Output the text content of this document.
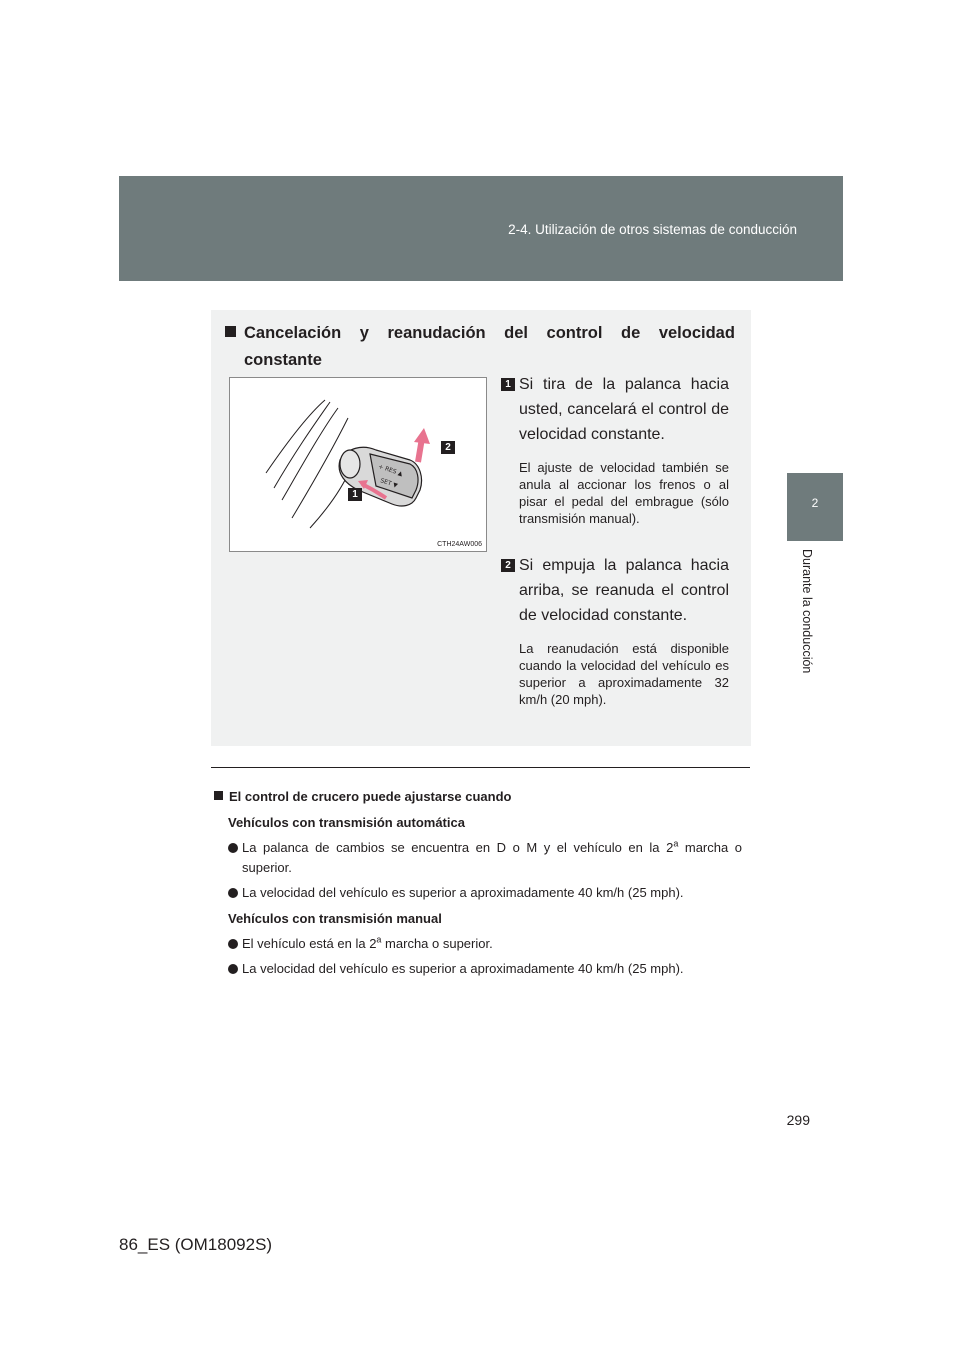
2-4. Utilización de otros sistemas de conducción
2
Durante la conducción
Cancelación y reanudación del control de velocidad
constante
+ RES ▲
SET ▼
2
1
CTH24AW006
1 Si tira de la palanca hacia usted, cancelará el control de velocidad constante.
El ajuste de velocidad también se anula al accionar los frenos o al pisar el pedal del embrague (sólo transmisión manual).
2 Si empuja la palanca hacia arriba, se reanuda el control de velocidad constante.
La reanudación está disponible cuando la velocidad del vehículo es superior a aproximadamente 32 km/h (20 mph).
El control de crucero puede ajustarse cuando
Vehículos con transmisión automática
La palanca de cambios se encuentra en D o M y el vehículo en la 2$^a$ marcha o superior.
La velocidad del vehículo es superior a aproximadamente 40 km/h (25 mph).
Vehículos con transmisión manual
El vehículo está en la 2$^a$ marcha o superior.
La velocidad del vehículo es superior a aproximadamente 40 km/h (25 mph).
299
86_ES (OM18092S)
